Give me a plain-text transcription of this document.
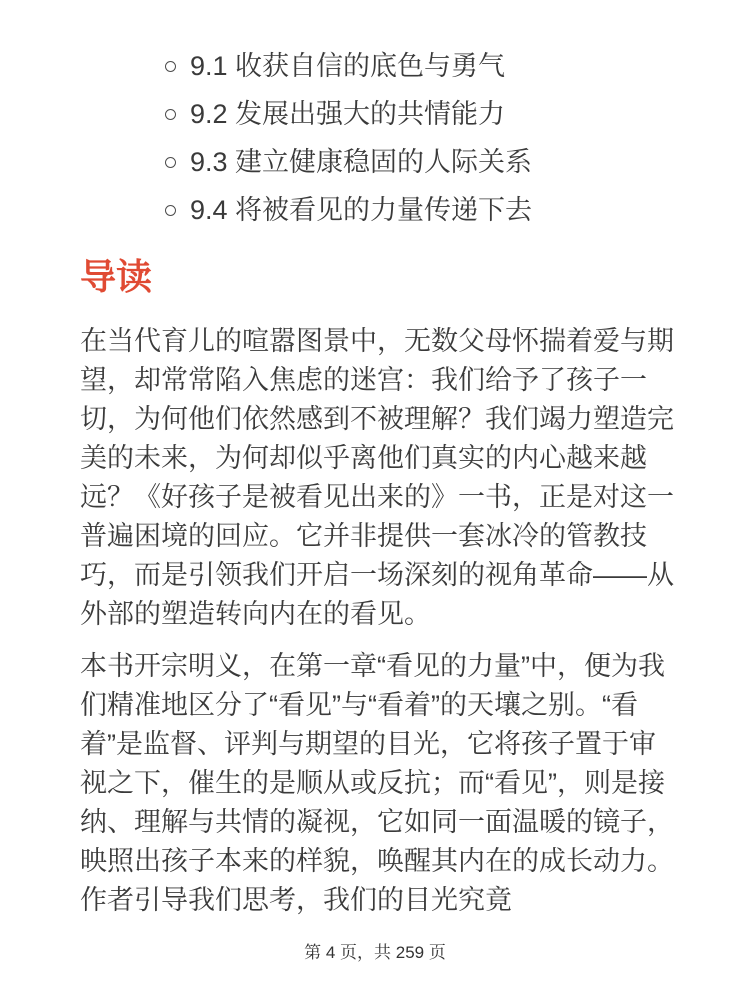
9.1 收获自信的底色与勇气
9.2 发展出强大的共情能力
9.3 建立健康稳固的人际关系
9.4 将被看见的力量传递下去
导读

在当代育儿的喧嚣图景中，无数父母怀揣着爱与期望，却常常陷入焦虑的迷宫：我们给予了孩子一切，为何他们依然感到不被理解？我们竭力塑造完美的未来，为何却似乎离他们真实的内心越来越远？《好孩子是被看见出来的》一书，正是对这一普遍困境的回应。它并非提供一套冰冷的管教技巧，而是引领我们开启一场深刻的视角革命——从外部的塑造转向内在的看见。

本书开宗明义，在第一章“看见的力量”中，便为我们精准地区分了“看见”与“看着”的天壤之别。“看着”是监督、评判与期望的目光，它将孩子置于审视之下，催生的是顺从或反抗；而“看见”，则是接纳、理解与共情的凝视，它如同一面温暖的镜子，映照出孩子本来的样貌，唤醒其内在的成长动力。作者引导我们思考，我们的目光究竟

第 4 页，共 259 页
